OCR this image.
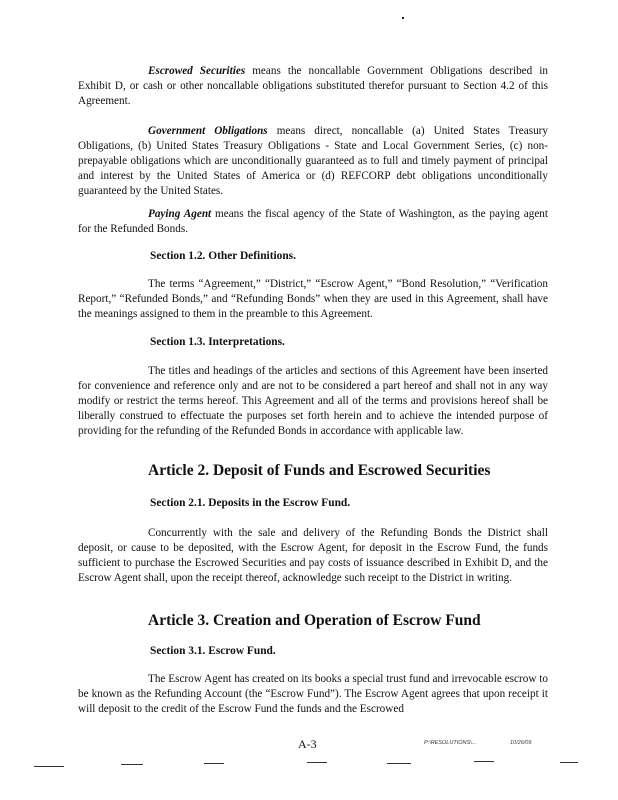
Escrowed Securities means the noncallable Government Obligations described in Exhibit D, or cash or other noncallable obligations substituted therefor pursuant to Section 4.2 of this Agreement.

Government Obligations means direct, noncallable (a) United States Treasury Obligations, (b) United States Treasury Obligations - State and Local Government Series, (c) non-prepayable obligations which are unconditionally guaranteed as to full and timely payment of principal and interest by the United States of America or (d) REFCORP debt obligations unconditionally guaranteed by the United States.

Paying Agent means the fiscal agency of the State of Washington, as the paying agent for the Refunded Bonds.

Section 1.2. Other Definitions.

The terms “Agreement,” “District,” “Escrow Agent,” “Bond Resolution,” “Verification Report,” “Refunded Bonds,” and “Refunding Bonds” when they are used in this Agreement, shall have the meanings assigned to them in the preamble to this Agreement.

Section 1.3. Interpretations.

The titles and headings of the articles and sections of this Agreement have been inserted for convenience and reference only and are not to be considered a part hereof and shall not in any way modify or restrict the terms hereof. This Agreement and all of the terms and provisions hereof shall be liberally construed to effectuate the purposes set forth herein and to achieve the intended purpose of providing for the refunding of the Refunded Bonds in accordance with applicable law.

Article 2. Deposit of Funds and Escrowed Securities

Section 2.1. Deposits in the Escrow Fund.

Concurrently with the sale and delivery of the Refunding Bonds the District shall deposit, or cause to be deposited, with the Escrow Agent, for deposit in the Escrow Fund, the funds sufficient to purchase the Escrowed Securities and pay costs of issuance described in Exhibit D, and the Escrow Agent shall, upon the receipt thereof, acknowledge such receipt to the District in writing.

Article 3. Creation and Operation of Escrow Fund

Section 3.1. Escrow Fund.

The Escrow Agent has created on its books a special trust fund and irrevocable escrow to be known as the Refunding Account (the “Escrow Fund”). The Escrow Agent agrees that upon receipt it will deposit to the credit of the Escrow Fund the funds and the Escrowed

A-3	P:\RESOLUTIONS\...	10/26/09
